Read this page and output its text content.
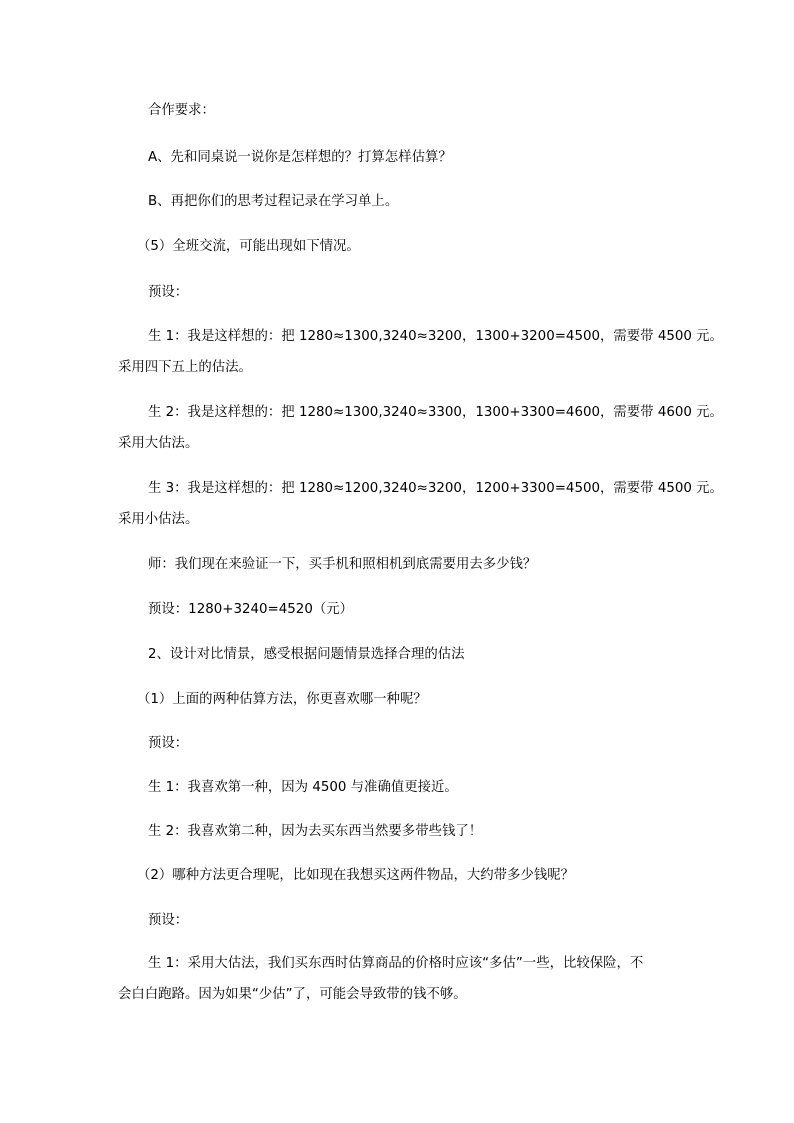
合作要求：

A、先和同桌说一说你是怎样想的？打算怎样估算？

B、再把你们的思考过程记录在学习单上。

（5）全班交流，可能出现如下情况。

预设：

生 1：我是这样想的：把 1280≈1300,3240≈3200，1300+3200=4500，需要带 4500 元。

采用四下五上的估法。

生 2：我是这样想的：把 1280≈1300,3240≈3300，1300+3300=4600，需要带 4600 元。

采用大估法。

生 3：我是这样想的：把 1280≈1200,3240≈3200，1200+3300=4500，需要带 4500 元。

采用小估法。

师：我们现在来验证一下，买手机和照相机到底需要用去多少钱？

预设：1280+3240=4520（元）

2、设计对比情景，感受根据问题情景选择合理的估法

（1）上面的两种估算方法，你更喜欢哪一种呢？

预设：

生 1：我喜欢第一种，因为 4500 与准确值更接近。

生 2：我喜欢第二种，因为去买东西当然要多带些钱了！

（2）哪种方法更合理呢，比如现在我想买这两件物品，大约带多少钱呢？

预设：

生 1：采用大估法，我们买东西时估算商品的价格时应该“多估”一些，比较保险，不

会白白跑路。因为如果“少估”了，可能会导致带的钱不够。
